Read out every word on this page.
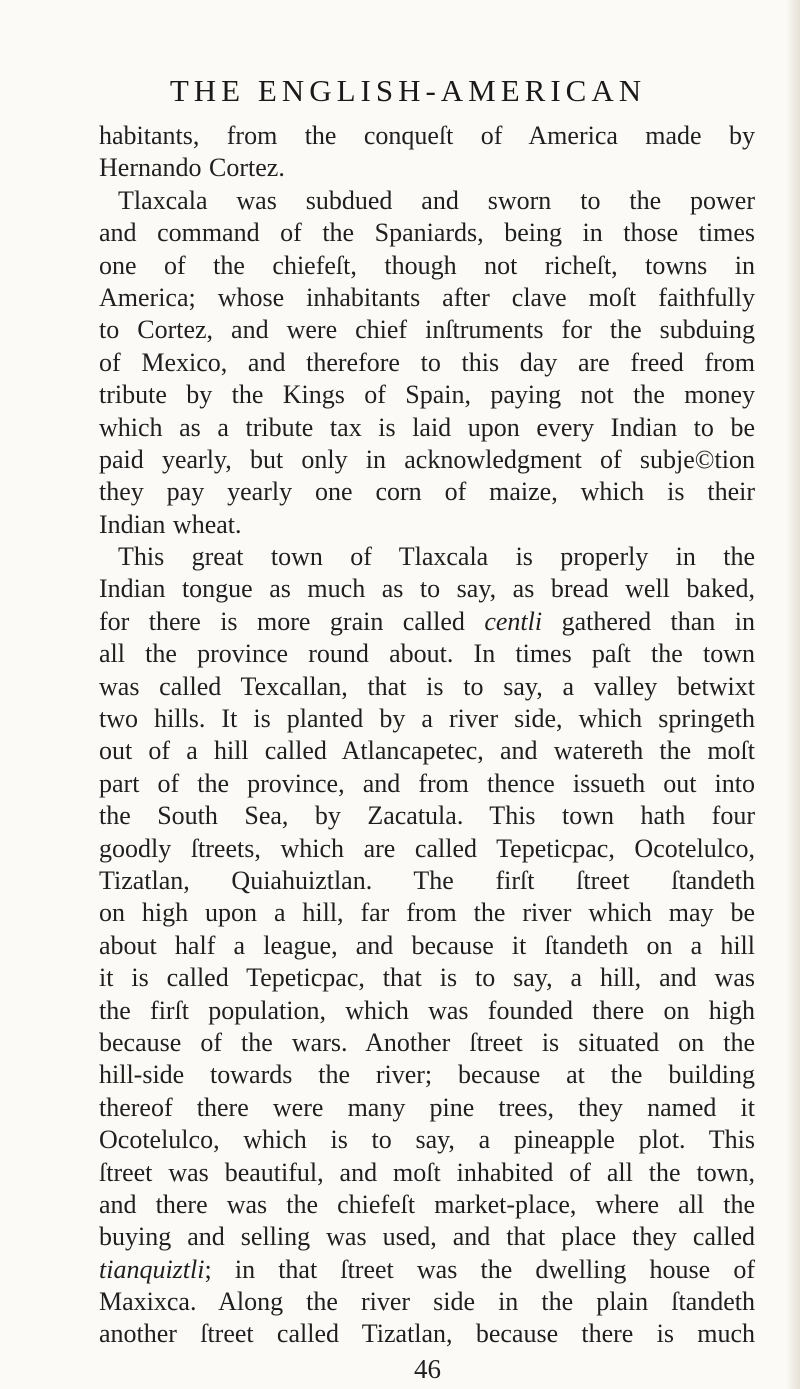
THE ENGLISH-AMERICAN
habitants, from the conqueſt of America made by
Hernando Cortez.
Tlaxcala was subdued and sworn to the power
and command of the Spaniards, being in those times
one of the chiefeſt, though not richeſt, towns in
America; whose inhabitants after clave moſt faithfully
to Cortez, and were chief inſtruments for the subduing
of Mexico, and therefore to this day are freed from
tribute by the Kings of Spain, paying not the money
which as a tribute tax is laid upon every Indian to be
paid yearly, but only in acknowledgment of subje©tion
they pay yearly one corn of maize, which is their
Indian wheat.
This great town of Tlaxcala is properly in the
Indian tongue as much as to say, as bread well baked,
for there is more grain called centli gathered than in
all the province round about. In times paſt the town
was called Texcallan, that is to say, a valley betwixt
two hills. It is planted by a river side, which springeth
out of a hill called Atlancapetec, and watereth the moſt
part of the province, and from thence issueth out into
the South Sea, by Zacatula. This town hath four
goodly ſtreets, which are called Tepeticpac, Ocotelulco,
Tizatlan, Quiahuiztlan. The firſt ſtreet ſtandeth
on high upon a hill, far from the river which may be
about half a league, and because it ſtandeth on a hill
it is called Tepeticpac, that is to say, a hill, and was
the firſt population, which was founded there on high
because of the wars. Another ſtreet is situated on the
hill-side towards the river; because at the building
thereof there were many pine trees, they named it
Ocotelulco, which is to say, a pineapple plot. This
ſtreet was beautiful, and moſt inhabited of all the town,
and there was the chiefeſt market-place, where all the
buying and selling was used, and that place they called
tianquiztli; in that ſtreet was the dwelling house of
Maxixca. Along the river side in the plain ſtandeth
another ſtreet called Tizatlan, because there is much
46
